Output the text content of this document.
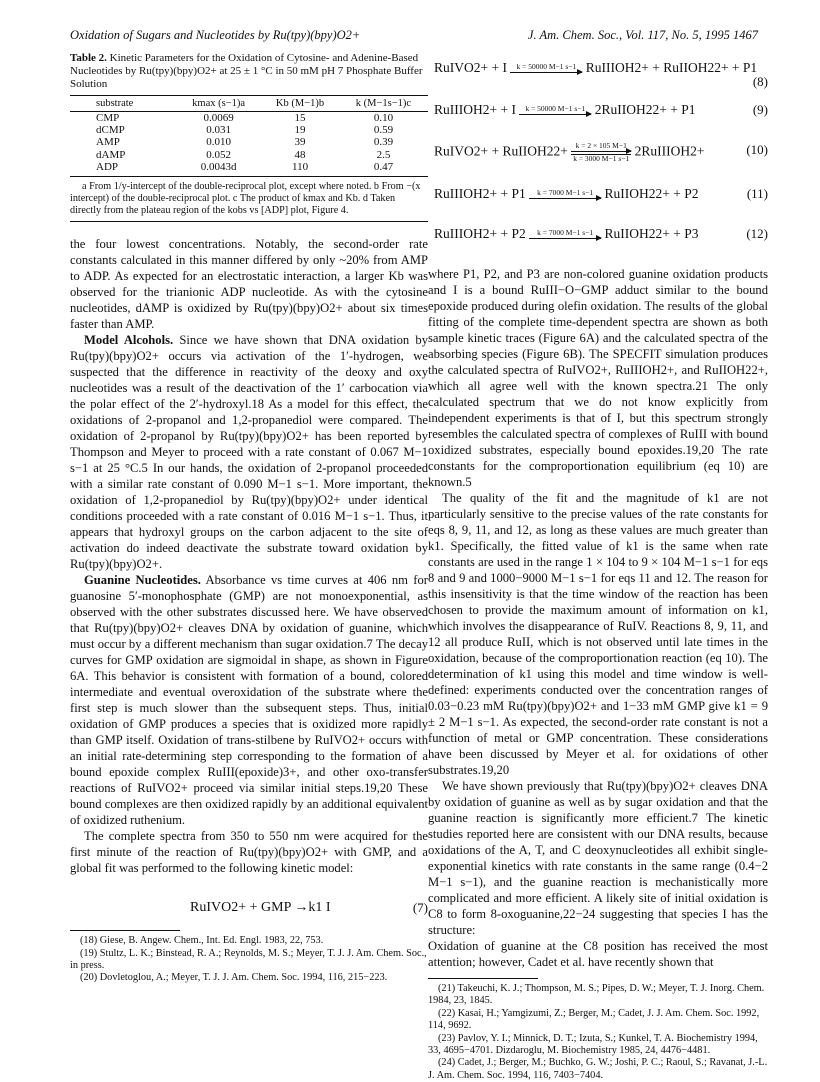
Oxidation of Sugars and Nucleotides by Ru(tpy)(bpy)O2+	J. Am. Chem. Soc., Vol. 117, No. 5, 1995 1467
Table 2. Kinetic Parameters for the Oxidation of Cytosine- and Adenine-Based Nucleotides by Ru(tpy)(bpy)O2+ at 25 ± 1 °C in 50 mM pH 7 Phosphate Buffer Solution
substrate	kmax (s−1)a	Kb (M−1)b	k (M−1s−1)c
CMP	0.0069	15	0.10
dCMP	0.031	19	0.59
AMP	0.010	39	0.39
dAMP	0.052	48	2.5
ADP	0.0043d	110	0.47
a From 1/y-intercept of the double-reciprocal plot, except where noted. b From −(x intercept) of the double-reciprocal plot. c The product of kmax and Kb. d Taken directly from the plateau region of the kobs vs [ADP] plot, Figure 4.

the four lowest concentrations. Notably, the second-order rate constants calculated in this manner differed by only ~20% from AMP to ADP. As expected for an electrostatic interaction, a larger Kb was observed for the trianionic ADP nucleotide. As with the cytosine nucleotides, dAMP is oxidized by Ru(tpy)(bpy)O2+ about six times faster than AMP.

Model Alcohols. Since we have shown that DNA oxidation by Ru(tpy)(bpy)O2+ occurs via activation of the 1′-hydrogen, we suspected that the difference in reactivity of the deoxy and oxy nucleotides was a result of the deactivation of the 1′ carbocation via the polar effect of the 2′-hydroxyl.18 As a model for this effect, the oxidations of 2-propanol and 1,2-propanediol were compared. The oxidation of 2-propanol by Ru(tpy)(bpy)O2+ has been reported by Thompson and Meyer to proceed with a rate constant of 0.067 M−1 s−1 at 25 °C.5 In our hands, the oxidation of 2-propanol proceeded with a similar rate constant of 0.090 M−1 s−1. More important, the oxidation of 1,2-propanediol by Ru(tpy)(bpy)O2+ under identical conditions proceeded with a rate constant of 0.016 M−1 s−1. Thus, it appears that hydroxyl groups on the carbon adjacent to the site of activation do indeed deactivate the substrate toward oxidation by Ru(tpy)(bpy)O2+.

Guanine Nucleotides. Absorbance vs time curves at 406 nm for guanosine 5′-monophosphate (GMP) are not monoexponential, as observed with the other substrates discussed here. We have observed that Ru(tpy)(bpy)O2+ cleaves DNA by oxidation of guanine, which must occur by a different mechanism than sugar oxidation.7 The decay curves for GMP oxidation are sigmoidal in shape, as shown in Figure 6A. This behavior is consistent with formation of a bound, colored intermediate and eventual overoxidation of the substrate where the first step is much slower than the subsequent steps. Thus, initial oxidation of GMP produces a species that is oxidized more rapidly than GMP itself. Oxidation of trans-stilbene by RuIVO2+ occurs with an initial rate-determining step corresponding to the formation of a bound epoxide complex RuIII(epoxide)3+, and other oxo-transfer reactions of RuIVO2+ proceed via similar initial steps.19,20 These bound complexes are then oxidized rapidly by an additional equivalent of oxidized ruthenium.

The complete spectra from 350 to 550 nm were acquired for the first minute of the reaction of Ru(tpy)(bpy)O2+ with GMP, and a global fit was performed to the following kinetic model:

RuIVO2+ + GMP →k1 I	(7)

(18) Giese, B. Angew. Chem., Int. Ed. Engl. 1983, 22, 753.

(19) Stultz, L. K.; Binstead, R. A.; Reynolds, M. S.; Meyer, T. J. J. Am. Chem. Soc., in press.

(20) Dovletoglou, A.; Meyer, T. J. J. Am. Chem. Soc. 1994, 116, 215−223.

RuIVO2+ + I	k = 50000 M−1 s−1 RuIIIOH2+ + RuIIOH22+ + P1
(8)
RuIIIOH2+ + I	k = 50000 M−1 s−1 2RuIIOH22+ + P1	(9)
RuIVO2+ + RuIIOH22+ $\frac{k = 2 \times 105 M-1}{k = 3000 M-1 s-1}$ 2RuIIIOH2+	(10)
RuIIIOH2+ + P1	k = 7000 M−1 s−1 RuIIOH22+ + P2	(11)
RuIIIOH2+ + P2	k = 7000 M−1 s−1 RuIIOH22+ + P3	(12)

where P1, P2, and P3 are non-colored guanine oxidation products and I is a bound RuIII−O−GMP adduct similar to the bound epoxide produced during olefin oxidation. The results of the global fitting of the complete time-dependent spectra are shown as both sample kinetic traces (Figure 6A) and the calculated spectra of the absorbing species (Figure 6B). The SPECFIT simulation produces the calculated spectra of RuIVO2+, RuIIIOH2+, and RuIIOH22+, which all agree well with the known spectra.21 The only calculated spectrum that we do not know explicitly from independent experiments is that of I, but this spectrum strongly resembles the calculated spectra of complexes of RuIII with bound oxidized substrates, especially bound epoxides.19,20 The rate constants for the comproportionation equilibrium (eq 10) are known.5

The quality of the fit and the magnitude of k1 are not particularly sensitive to the precise values of the rate constants for eqs 8, 9, 11, and 12, as long as these values are much greater than k1. Specifically, the fitted value of k1 is the same when rate constants are used in the range 1 × 104 to 9 × 104 M−1 s−1 for eqs 8 and 9 and 1000−9000 M−1 s−1 for eqs 11 and 12. The reason for this insensitivity is that the time window of the reaction has been chosen to provide the maximum amount of information on k1, which involves the disappearance of RuIV. Reactions 8, 9, 11, and 12 all produce RuII, which is not observed until late times in the oxidation, because of the comproportionation reaction (eq 10). The determination of k1 using this model and time window is well-defined: experiments conducted over the concentration ranges of 0.03−0.23 mM Ru(tpy)(bpy)O2+ and 1−33 mM GMP give k1 = 9 ± 2 M−1 s−1. As expected, the second-order rate constant is not a function of metal or GMP concentration. These considerations have been discussed by Meyer et al. for oxidations of other substrates.19,20

We have shown previously that Ru(tpy)(bpy)O2+ cleaves DNA by oxidation of guanine as well as by sugar oxidation and that the guanine reaction is significantly more efficient.7 The kinetic studies reported here are consistent with our DNA results, because oxidations of the A, T, and C deoxynucleotides all exhibit single-exponential kinetics with rate constants in the same range (0.4−2 M−1 s−1), and the guanine reaction is mechanistically more complicated and more efficient. A likely site of initial oxidation is C8 to form 8-oxoguanine,22−24 suggesting that species I has the structure:

Oxidation of guanine at the C8 position has received the most attention; however, Cadet et al. have recently shown that

(21) Takeuchi, K. J.; Thompson, M. S.; Pipes, D. W.; Meyer, T. J. Inorg. Chem. 1984, 23, 1845.

(22) Kasai, H.; Yamgizumi, Z.; Berger, M.; Cadet, J. J. Am. Chem. Soc. 1992, 114, 9692.

(23) Pavlov, Y. I.; Minnick, D. T.; Izuta, S.; Kunkel, T. A. Biochemistry 1994, 33, 4695−4701. Dizdaroglu, M. Biochemistry 1985, 24, 4476−4481.

(24) Cadet, J.; Berger, M.; Buchko, G. W.; Joshi, P. C.; Raoul, S.; Ravanat, J.-L. J. Am. Chem. Soc. 1994, 116, 7403−7404.
